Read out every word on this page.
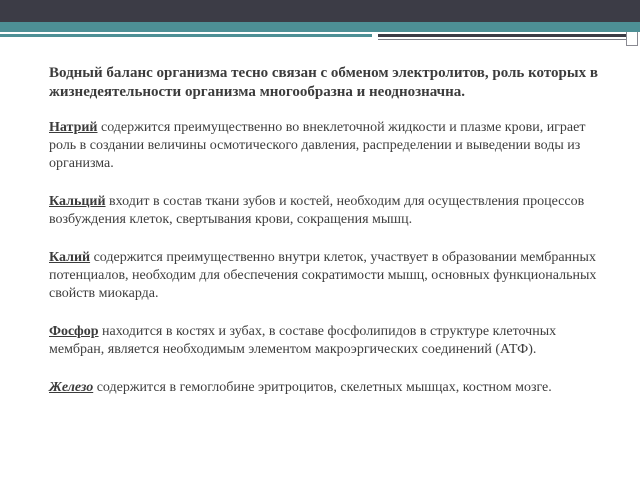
Водный баланс организма тесно связан с обменом электролитов, роль которых в жизнедеятельности организма многообразна и неоднозначна.

Натрий содержится преимущественно во внеклеточной жидкости и плазме крови, играет роль в создании величины осмотического давления, распределении и выведении воды из организма.

Кальций входит в состав ткани зубов и костей, необходим для осуществления процессов возбуждения клеток, свертывания крови, сокращения мышц.

Калий содержится преимущественно внутри клеток, участвует в образовании мембранных потенциалов, необходим для обеспечения сократимости мышц, основных функциональных свойств миокарда.

Фосфор находится в костях и зубах, в составе фосфолипидов в структуре клеточных мембран, является необходимым элементом макроэргических соединений (АТФ).

Железо содержится в гемоглобине эритроцитов, скелетных мышцах, костном мозге.
